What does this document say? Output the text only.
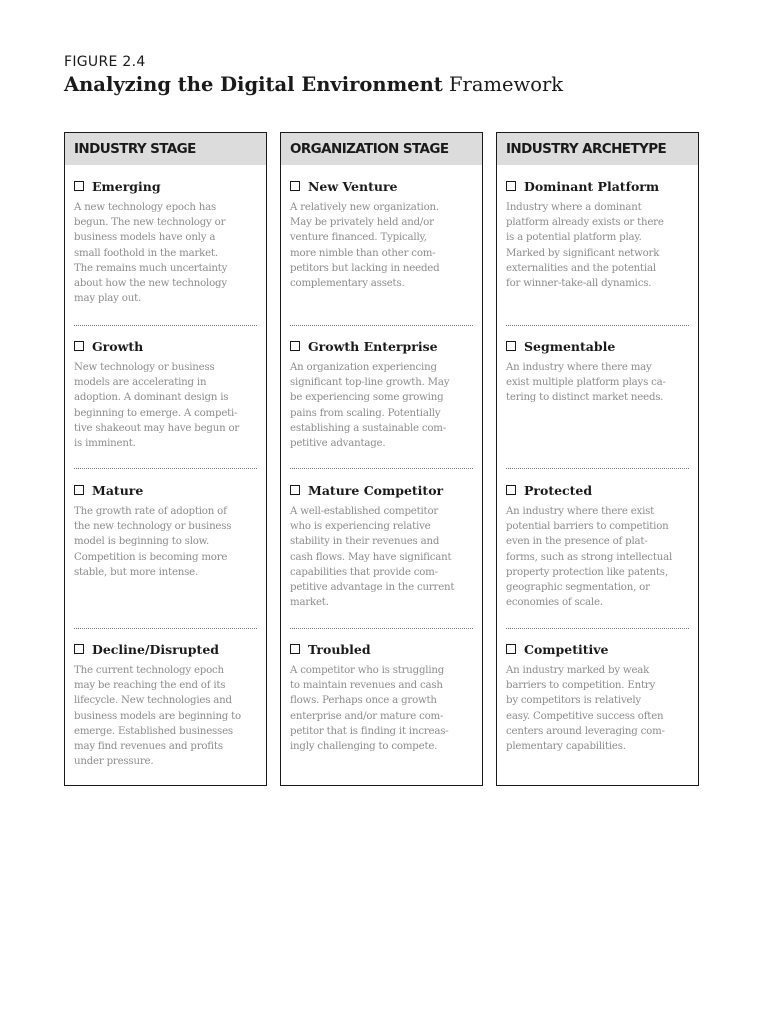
FIGURE 2.4
Analyzing the Digital Environment Framework
INDUSTRY STAGE
Emerging
A new technology epoch has
begun. The new technology or
business models have only a
small foothold in the market.
The remains much uncertainty
about how the new technology
may play out.
Growth
New technology or business
models are accelerating in
adoption. A dominant design is
beginning to emerge. A competi-
tive shakeout may have begun or
is imminent.
Mature
The growth rate of adoption of
the new technology or business
model is beginning to slow.
Competition is becoming more
stable, but more intense.
Decline/Disrupted
The current technology epoch
may be reaching the end of its
lifecycle. New technologies and
business models are beginning to
emerge. Established businesses
may find revenues and profits
under pressure.
ORGANIZATION STAGE
New Venture
A relatively new organization.
May be privately held and/or
venture financed. Typically,
more nimble than other com-
petitors but lacking in needed
complementary assets.
Growth Enterprise
An organization experiencing
significant top-line growth. May
be experiencing some growing
pains from scaling. Potentially
establishing a sustainable com-
petitive advantage.
Mature Competitor
A well-established competitor
who is experiencing relative
stability in their revenues and
cash flows. May have significant
capabilities that provide com-
petitive advantage in the current
market.
Troubled
A competitor who is struggling
to maintain revenues and cash
flows. Perhaps once a growth
enterprise and/or mature com-
petitor that is finding it increas-
ingly challenging to compete.
INDUSTRY ARCHETYPE
Dominant Platform
Industry where a dominant
platform already exists or there
is a potential platform play.
Marked by significant network
externalities and the potential
for winner-take-all dynamics.
Segmentable
An industry where there may
exist multiple platform plays ca-
tering to distinct market needs.
Protected
An industry where there exist
potential barriers to competition
even in the presence of plat-
forms, such as strong intellectual
property protection like patents,
geographic segmentation, or
economies of scale.
Competitive
An industry marked by weak
barriers to competition. Entry
by competitors is relatively
easy. Competitive success often
centers around leveraging com-
plementary capabilities.
